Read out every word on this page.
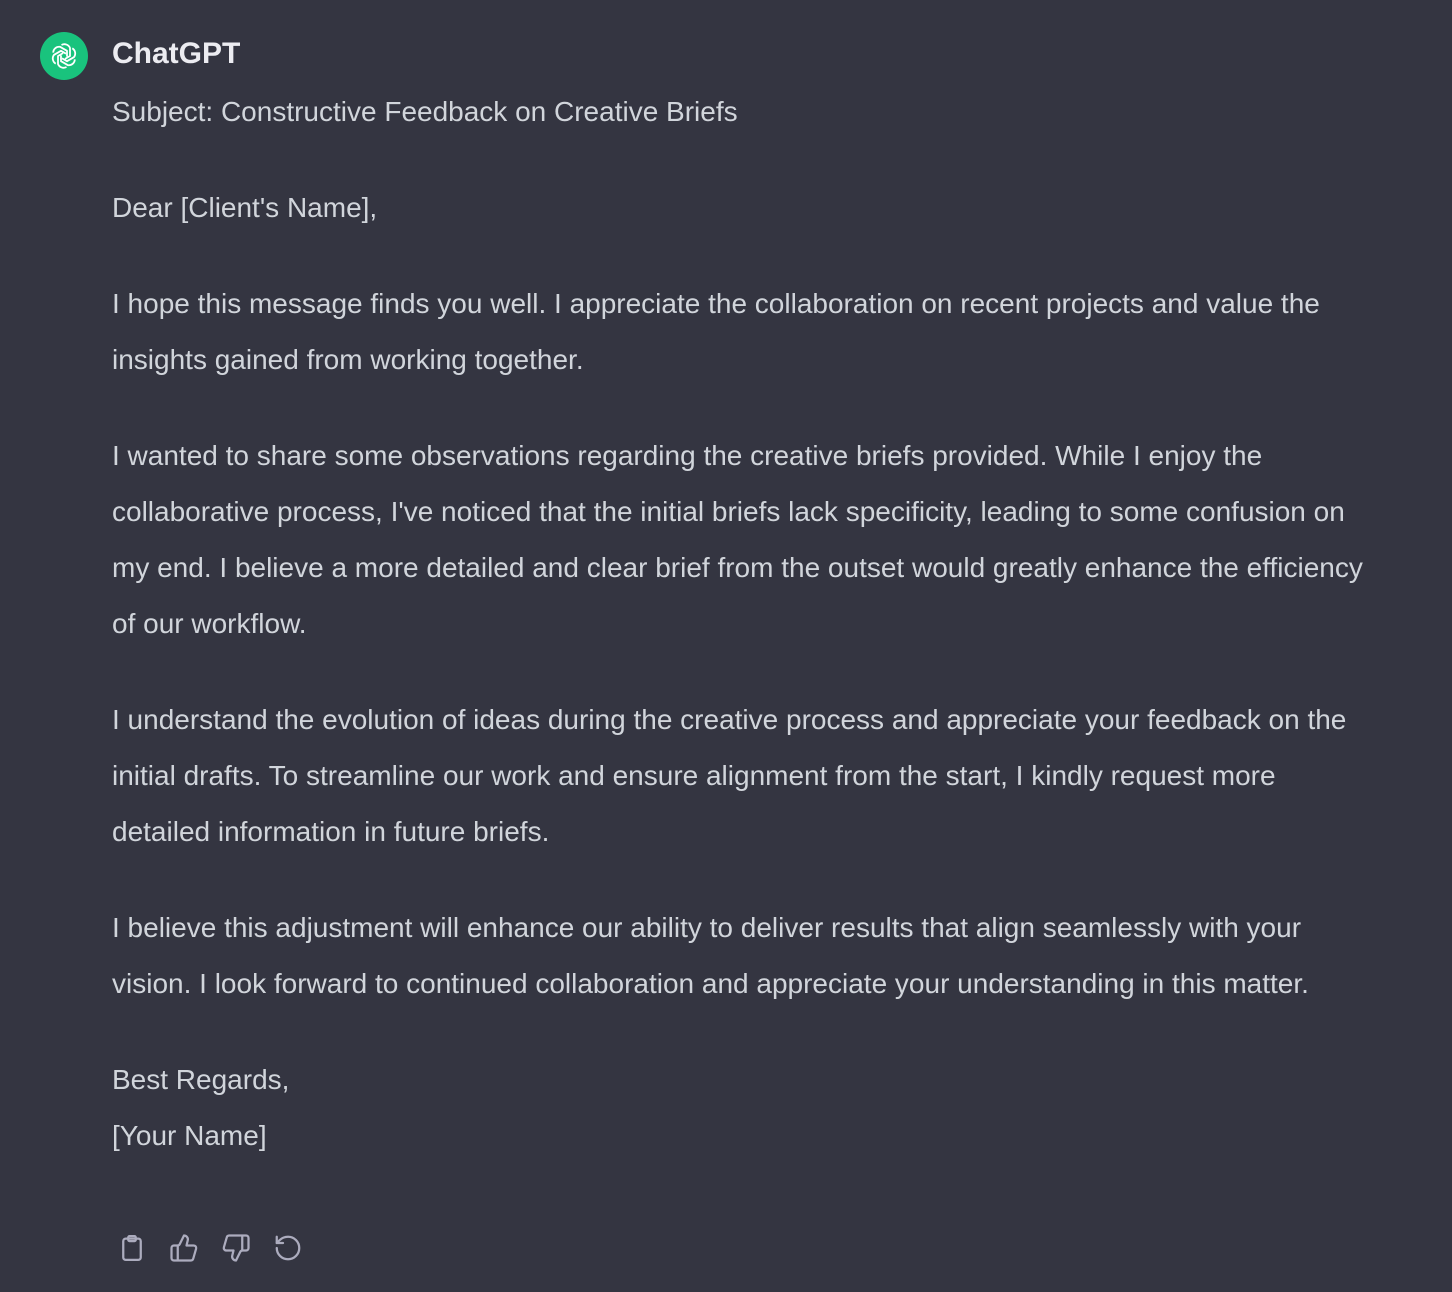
ChatGPT

Subject: Constructive Feedback on Creative Briefs

Dear [Client's Name],

I hope this message finds you well. I appreciate the collaboration on recent projects and value the insights gained from working together.

I wanted to share some observations regarding the creative briefs provided. While I enjoy the collaborative process, I've noticed that the initial briefs lack specificity, leading to some confusion on my end. I believe a more detailed and clear brief from the outset would greatly enhance the efficiency of our workflow.

I understand the evolution of ideas during the creative process and appreciate your feedback on the initial drafts. To streamline our work and ensure alignment from the start, I kindly request more detailed information in future briefs.

I believe this adjustment will enhance our ability to deliver results that align seamlessly with your vision. I look forward to continued collaboration and appreciate your understanding in this matter.

Best Regards,
[Your Name]
